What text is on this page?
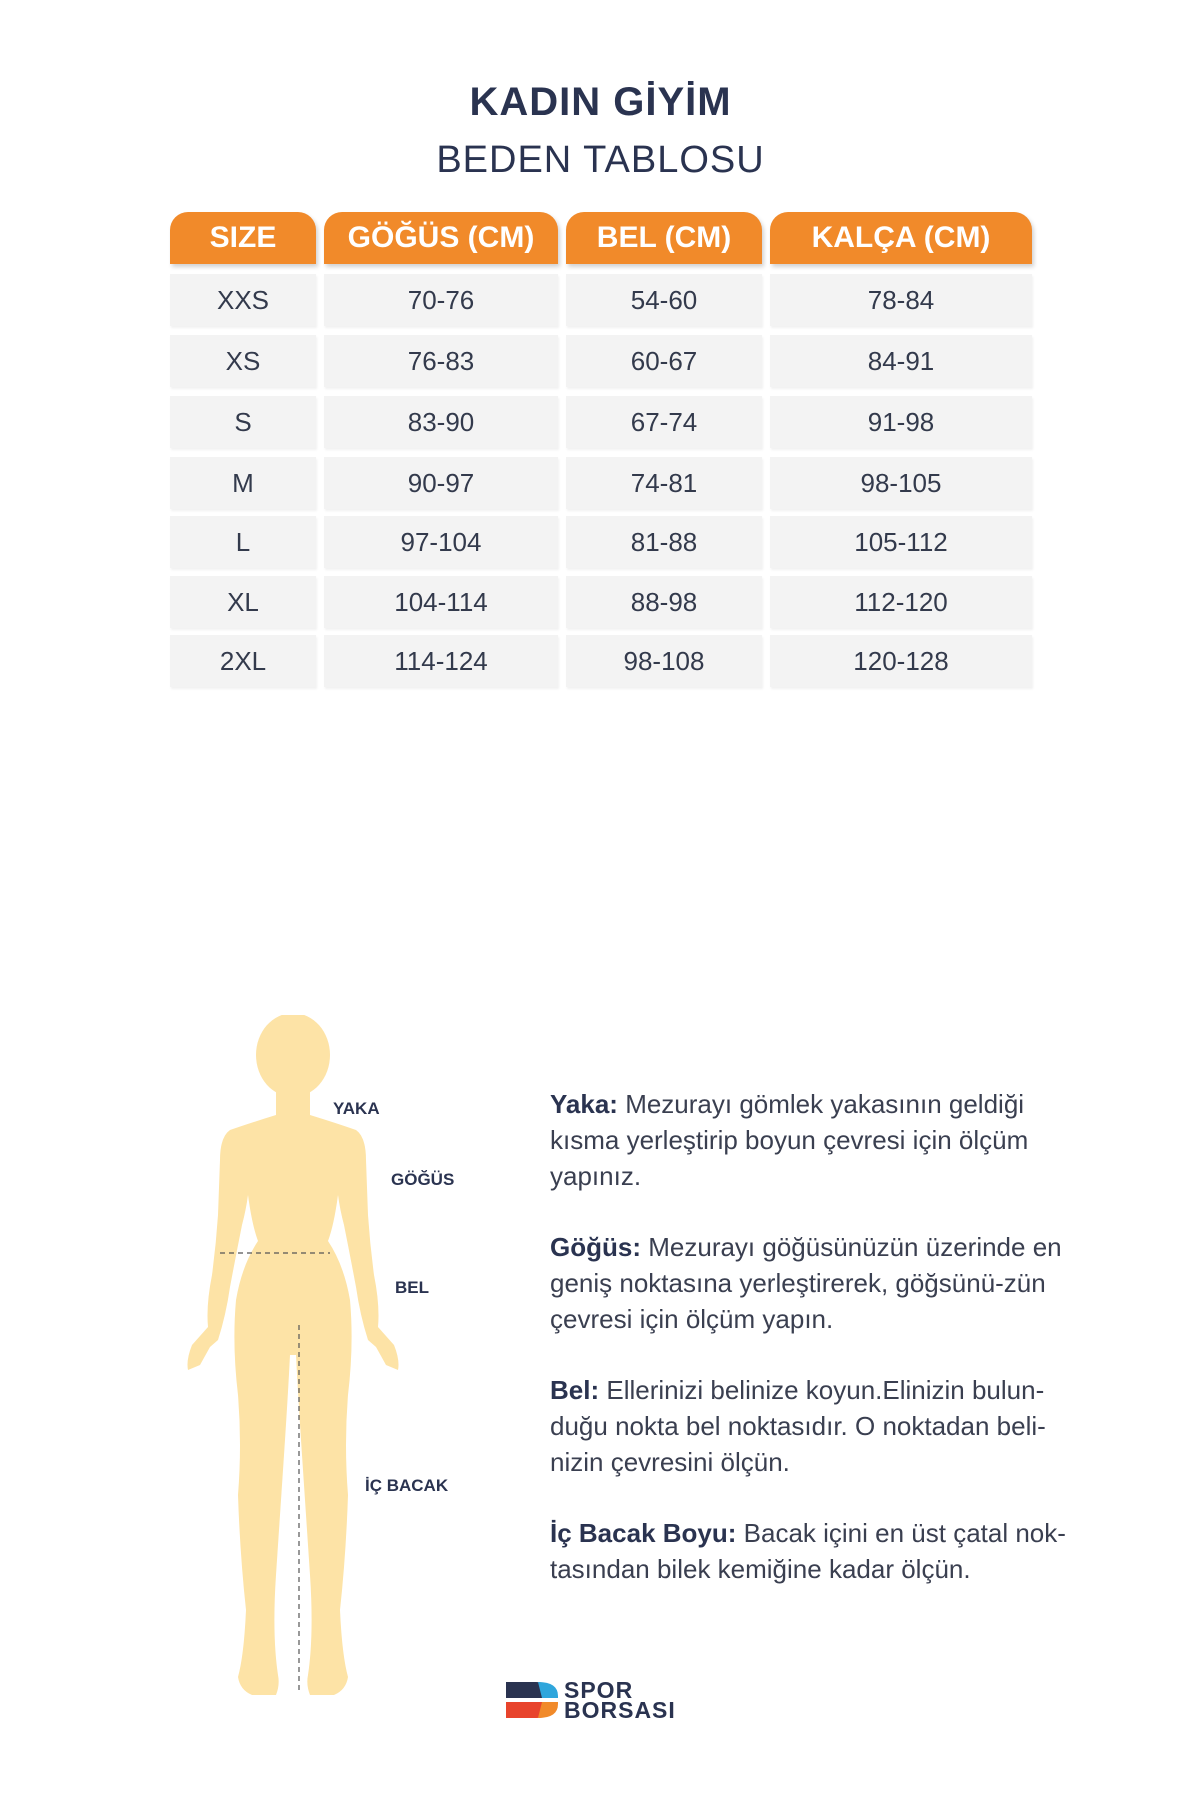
KADIN GİYİM
BEDEN TABLOSU
SIZE	GÖĞÜS (CM)	BEL (CM)	KALÇA (CM)
XXS	70-76	54-60	78-84
XS	76-83	60-67	84-91
S	83-90	67-74	91-98
M	90-97	74-81	98-105
L	97-104	81-88	105-112
XL	104-114	88-98	112-120
2XL	114-124	98-108	120-128
YAKA
GÖĞÜS
BEL
İÇ BACAK
Yaka: Mezurayı gömlek yakasının geldiği kısma yerleştirip boyun çevresi için ölçüm yapınız.
Göğüs: Mezurayı göğüsünüzün üzerinde en geniş noktasına yerleştirerek, göğsünü-zün çevresi için ölçüm yapın.
Bel: Ellerinizi belinize koyun.Elinizin bulun-duğu nokta bel noktasıdır. O noktadan beli-nizin çevresini ölçün.
İç Bacak Boyu: Bacak içini en üst çatal nok-tasından bilek kemiğine kadar ölçün.
SPOR
BORSASI
